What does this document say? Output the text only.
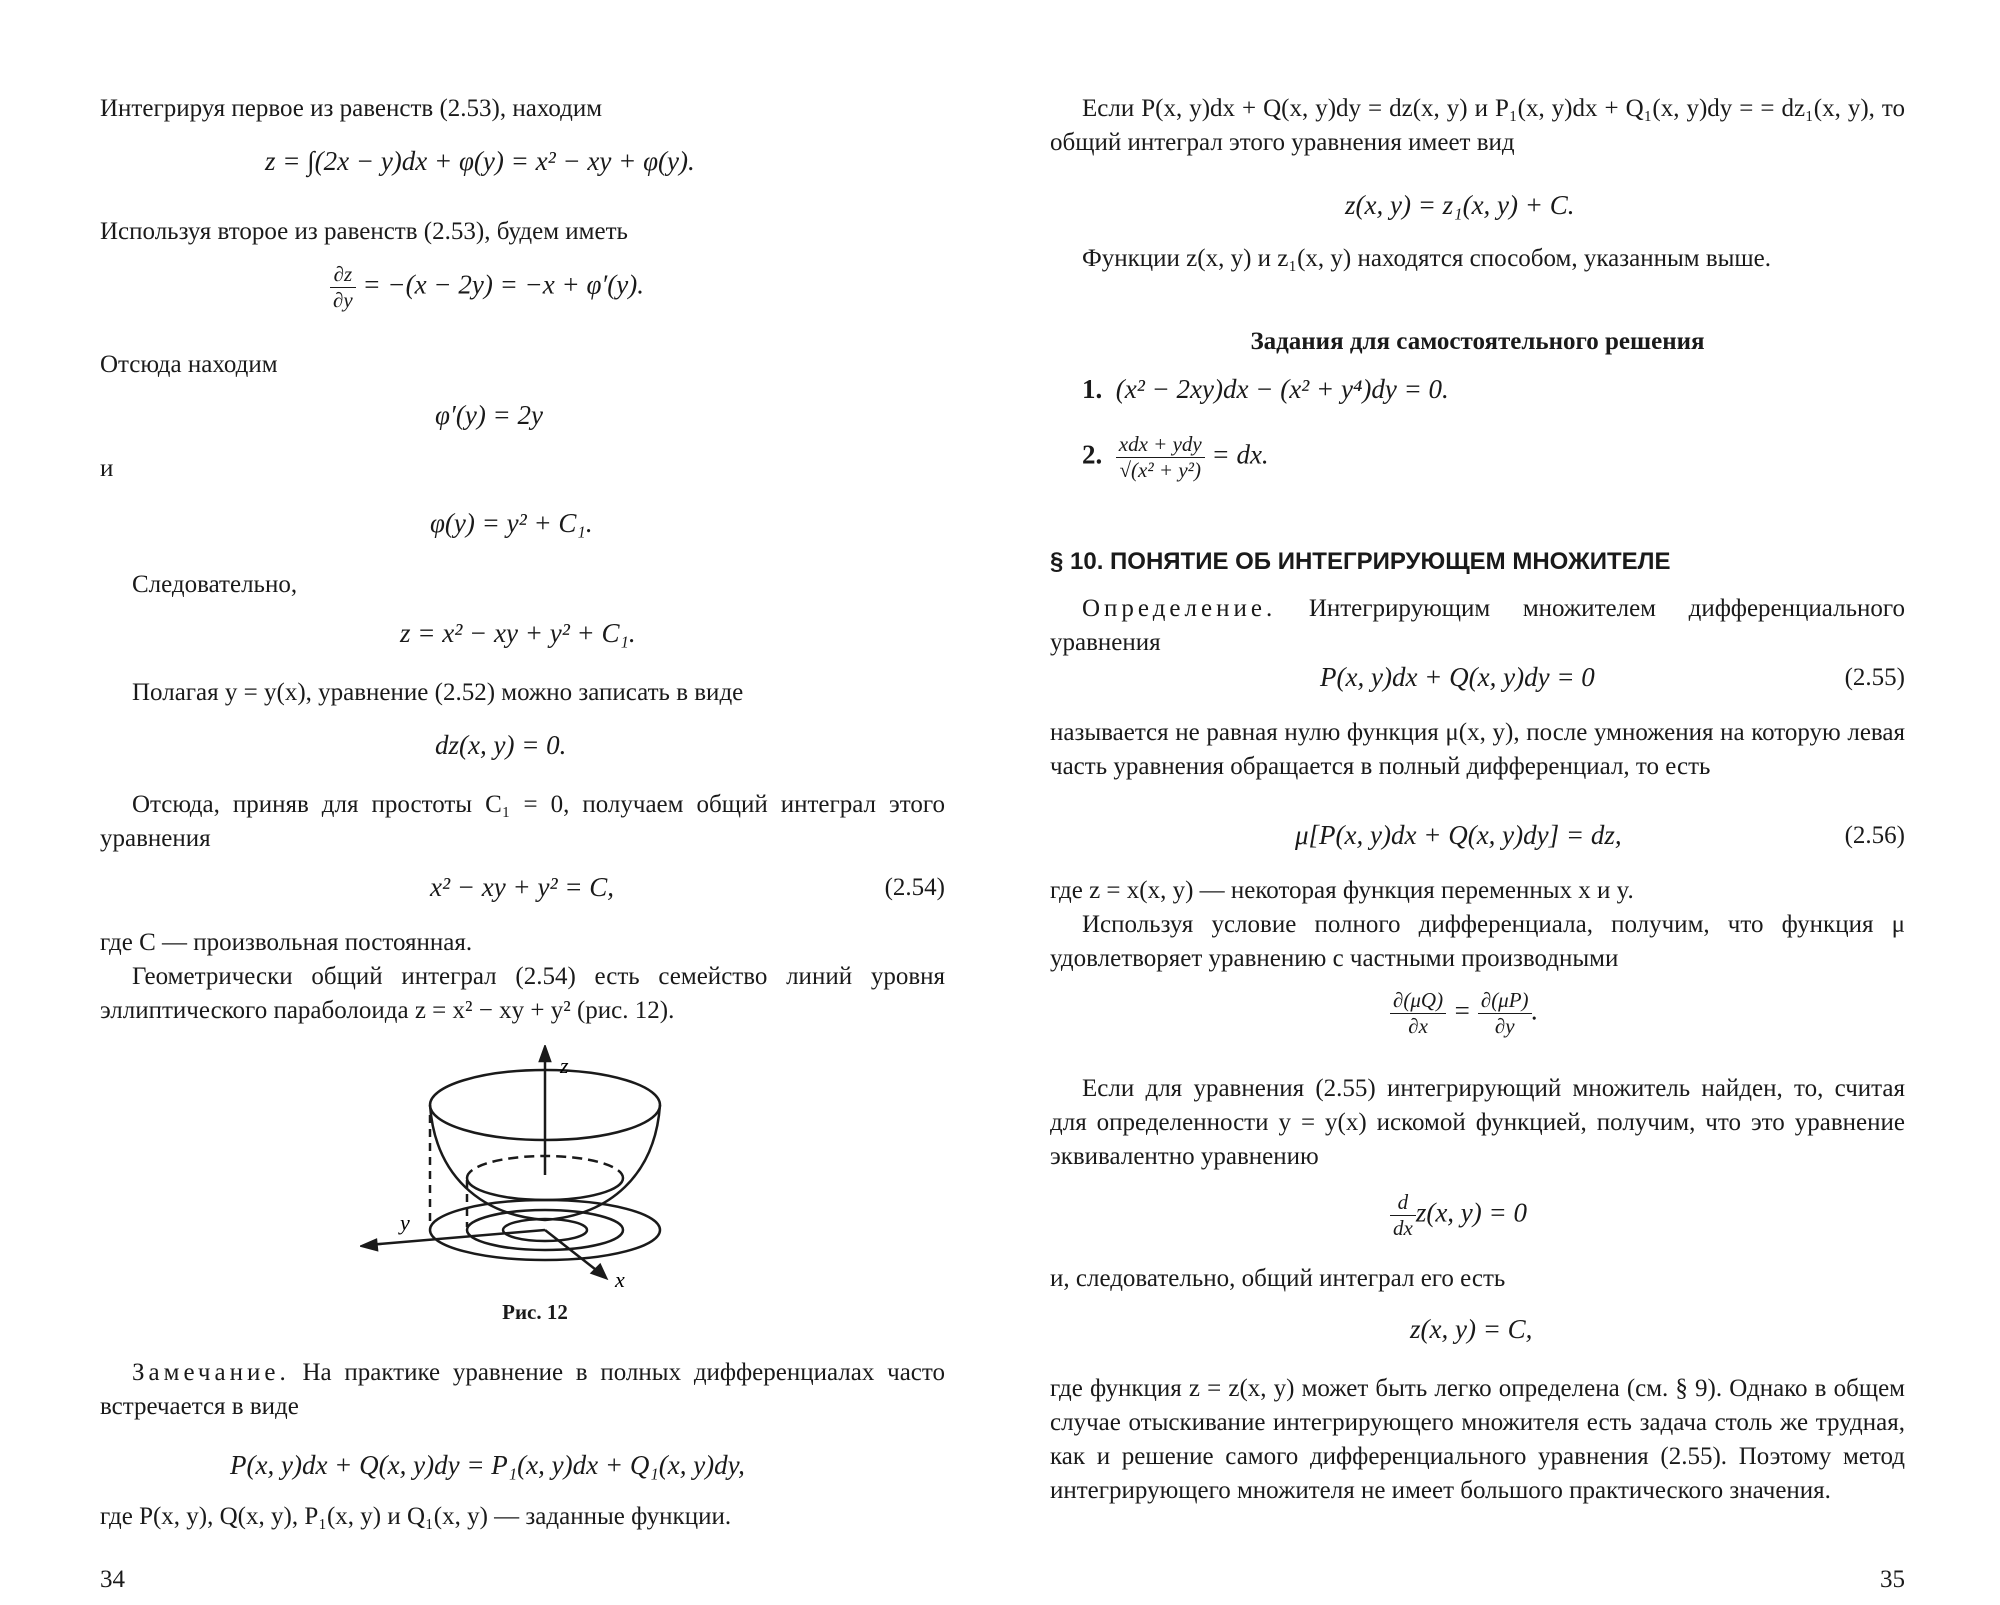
Интегрируя первое из равенств (2.53), находим

z = ∫(2x − y)dx + φ(y) = x² − xy + φ(y).

Используя второе из равенств (2.53), будем иметь

$\frac{\partial z}{\partial y} = -(x - 2y) = -x + \varphi'(y)$.

Отсюда находим

φ′(y) = 2y

и

φ(y) = y² + C₁.

Следовательно,

z = x² − xy + y² + C₁.

Полагая y = y(x), уравнение (2.52) можно записать в виде

dz(x, y) = 0.

Отсюда, приняв для простоты C₁ = 0, получаем общий интеграл этого уравнения

x² − xy + y² = C,	(2.54)

где C — произвольная постоянная.

Геометрически общий интеграл (2.54) есть семейство линий уровня эллиптического параболоида z = x² − xy + y² (рис. 12).

z
y
x
Рис. 12

Замечание. На практике уравнение в полных дифференциалах часто встречается в виде

P(x, y)dx + Q(x, y)dy = P₁(x, y)dx + Q₁(x, y)dy,

где P(x, y), Q(x, y), P₁(x, y) и Q₁(x, y) — заданные функции.

34

Если P(x, y)dx + Q(x, y)dy = dz(x, y) и P₁(x, y)dx + Q₁(x, y)dy = = dz₁(x, y), то общий интеграл этого уравнения имеет вид

z(x, y) = z₁(x, y) + C.

Функции z(x, y) и z₁(x, y) находятся способом, указанным выше.

Задания для самостоятельного решения
1. (x² − 2xy)dx − (x² + y⁴)dy = 0.
2. $\frac{\text{xdx + ydy}}{\text{√(x² + y²)}}$ = dx.
§ 10. ПОНЯТИЕ ОБ ИНТЕГРИРУЮЩЕМ МНОЖИТЕЛЕ

Определение. Интегрирующим множителем дифференциального уравнения

P(x, y)dx + Q(x, y)dy = 0	(2.55)

называется не равная нулю функция μ(x, y), после умножения на которую левая часть уравнения обращается в полный дифференциал, то есть

μ[P(x, y)dx + Q(x, y)dy] = dz,	(2.56)

где z = x(x, y) — некоторая функция переменных x и y.

Используя условие полного дифференциала, получим, что функция μ удовлетворяет уравнению с частными производными

$\frac{\partial(\mu Q)}{\partial x} = \frac{\partial(\mu P)}{\partial y}$ .

Если для уравнения (2.55) интегрирующий множитель найден, то, считая для определенности y = y(x) искомой функцией, получим, что это уравнение эквивалентно уравнению

$\frac{d}{dx} z(x$, y) = 0

и, следовательно, общий интеграл его есть

z(x, y) = C,

где функция z = z(x, y) может быть легко определена (см. § 9). Однако в общем случае отыскивание интегрирующего множителя есть задача столь же трудная, как и решение самого дифференциального уравнения (2.55). Поэтому метод интегрирующего множителя не имеет большого практического значения.

35
